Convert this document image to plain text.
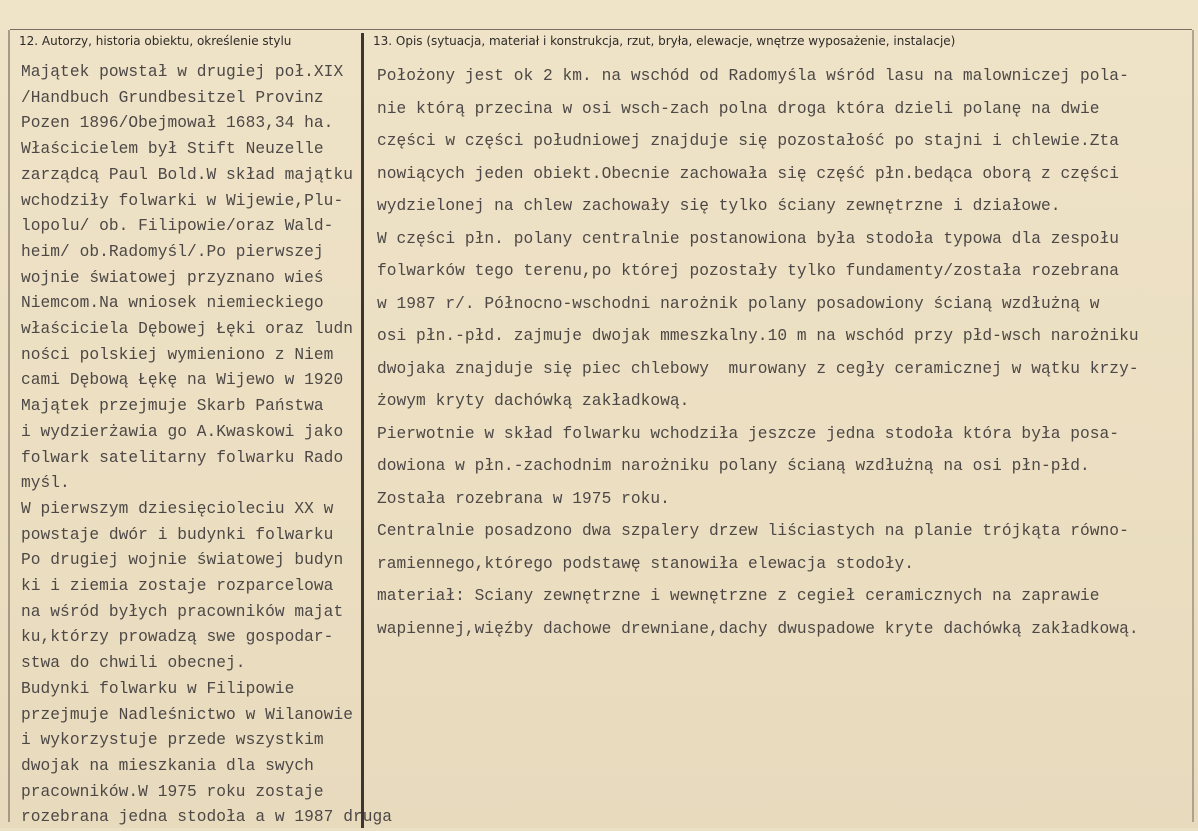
12. Autorzy, historia obiektu, określenie stylu	13. Opis (sytuacja, materiał i konstrukcja, rzut, bryła, elewacje, wnętrze wyposażenie, instalacje)
Majątek powstał w drugiej poł.XIX
/Handbuch Grundbesitzel Provinz
Pozen 1896/Obejmował 1683,34 ha.
Właścicielem był Stift Neuzelle
zarządcą Paul Bold.W skład majątku
wchodziły folwarki w Wijewie,Plu-
lopolu/ ob. Filipowie/oraz Wald-
heim/ ob.Radomyśl/.Po pierwszej
wojnie światowej przyznano wieś
Niemcom.Na wniosek niemieckiego
właściciela Dębowej Łęki oraz ludn
ności polskiej wymieniono z Niem
cami Dębową Łękę na Wijewo w 1920
Majątek przejmuje Skarb Państwa
i wydzierżawia go A.Kwaskowi jako
folwark satelitarny folwarku Rado
myśl.
W pierwszym dziesięcioleciu XX w
powstaje dwór i budynki folwarku
Po drugiej wojnie światowej budyn
ki i ziemia zostaje rozparcelowa
na wśród byłych pracowników majat
ku,którzy prowadzą swe gospodar-
stwa do chwili obecnej.
Budynki folwarku w Filipowie
przejmuje Nadleśnictwo w Wilanowie
i wykorzystuje przede wszystkim
dwojak na mieszkania dla swych
pracowników.W 1975 roku zostaje
rozebrana jedna stodoła a w 1987 druga
Położony jest ok 2 km. na wschód od Radomyśla wśród lasu na malowniczej pola-
nie którą przecina w osi wsch-zach polna droga która dzieli polanę na dwie
części w części południowej znajduje się pozostałość po stajni i chlewie.Zta
nowiących jeden obiekt.Obecnie zachowała się część płn.bedąca oborą z części
wydzielonej na chlew zachowały się tylko ściany zewnętrzne i działowe.
W części płn. polany centralnie postanowiona była stodoła typowa dla zespołu
folwarków tego terenu,po której pozostały tylko fundamenty/została rozebrana
w 1987 r/. Północno-wschodni narożnik polany posadowiony ścianą wzdłużną w
osi płn.-płd. zajmuje dwojak mmeszkalny.10 m na wschód przy płd-wsch narożniku
dwojaka znajduje się piec chlebowy  murowany z cegły ceramicznej w wątku krzy-
żowym kryty dachówką zakładkową.
Pierwotnie w skład folwarku wchodziła jeszcze jedna stodoła która była posa-
dowiona w płn.-zachodnim narożniku polany ścianą wzdłużną na osi płn-płd.
Została rozebrana w 1975 roku.
Centralnie posadzono dwa szpalery drzew liściastych na planie trójkąta równo-
ramiennego,którego podstawę stanowiła elewacja stodoły.
materiał: Sciany zewnętrzne i wewnętrzne z cegieł ceramicznych na zaprawie
wapiennej,więźby dachowe drewniane,dachy dwuspadowe kryte dachówką zakładkową.
